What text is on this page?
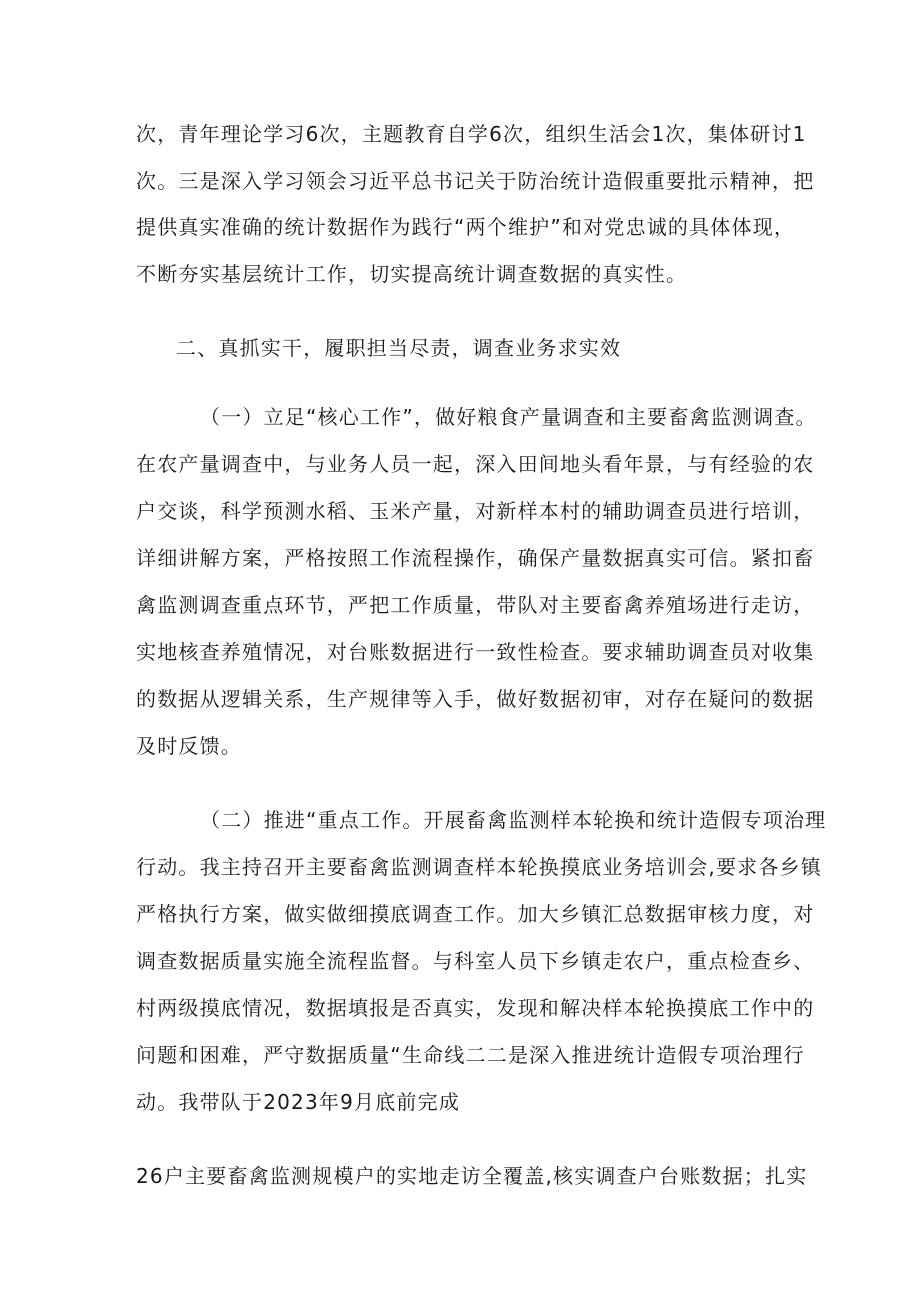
次，青年理论学习6次，主题教育自学6次，组织生活会1次，集体研讨1
次。三是深入学习领会习近平总书记关于防治统计造假重要批示精神，把
提供真实准确的统计数据作为践行“两个维护”和对党忠诚的具体体现，
不断夯实基层统计工作，切实提高统计调查数据的真实性。
二、真抓实干，履职担当尽责，调查业务求实效
（一）立足“核心工作”，做好粮食产量调查和主要畜禽监测调查。
在农产量调查中，与业务人员一起，深入田间地头看年景，与有经验的农
户交谈，科学预测水稻、玉米产量，对新样本村的辅助调查员进行培训，
详细讲解方案，严格按照工作流程操作，确保产量数据真实可信。紧扣畜
禽监测调查重点环节，严把工作质量，带队对主要畜禽养殖场进行走访，
实地核查养殖情况，对台账数据进行一致性检查。要求辅助调查员对收集
的数据从逻辑关系，生产规律等入手，做好数据初审，对存在疑问的数据
及时反馈。
（二）推进“重点工作。开展畜禽监测样本轮换和统计造假专项治理
行动。我主持召开主要畜禽监测调查样本轮换摸底业务培训会,要求各乡镇
严格执行方案，做实做细摸底调查工作。加大乡镇汇总数据审核力度，对
调查数据质量实施全流程监督。与科室人员下乡镇走农户，重点检查乡、
村两级摸底情况，数据填报是否真实，发现和解决样本轮换摸底工作中的
问题和困难，严守数据质量“生命线二二是深入推进统计造假专项治理行
动。我带队于2023年9月底前完成
26户主要畜禽监测规模户的实地走访全覆盖,核实调查户台账数据；扎实
